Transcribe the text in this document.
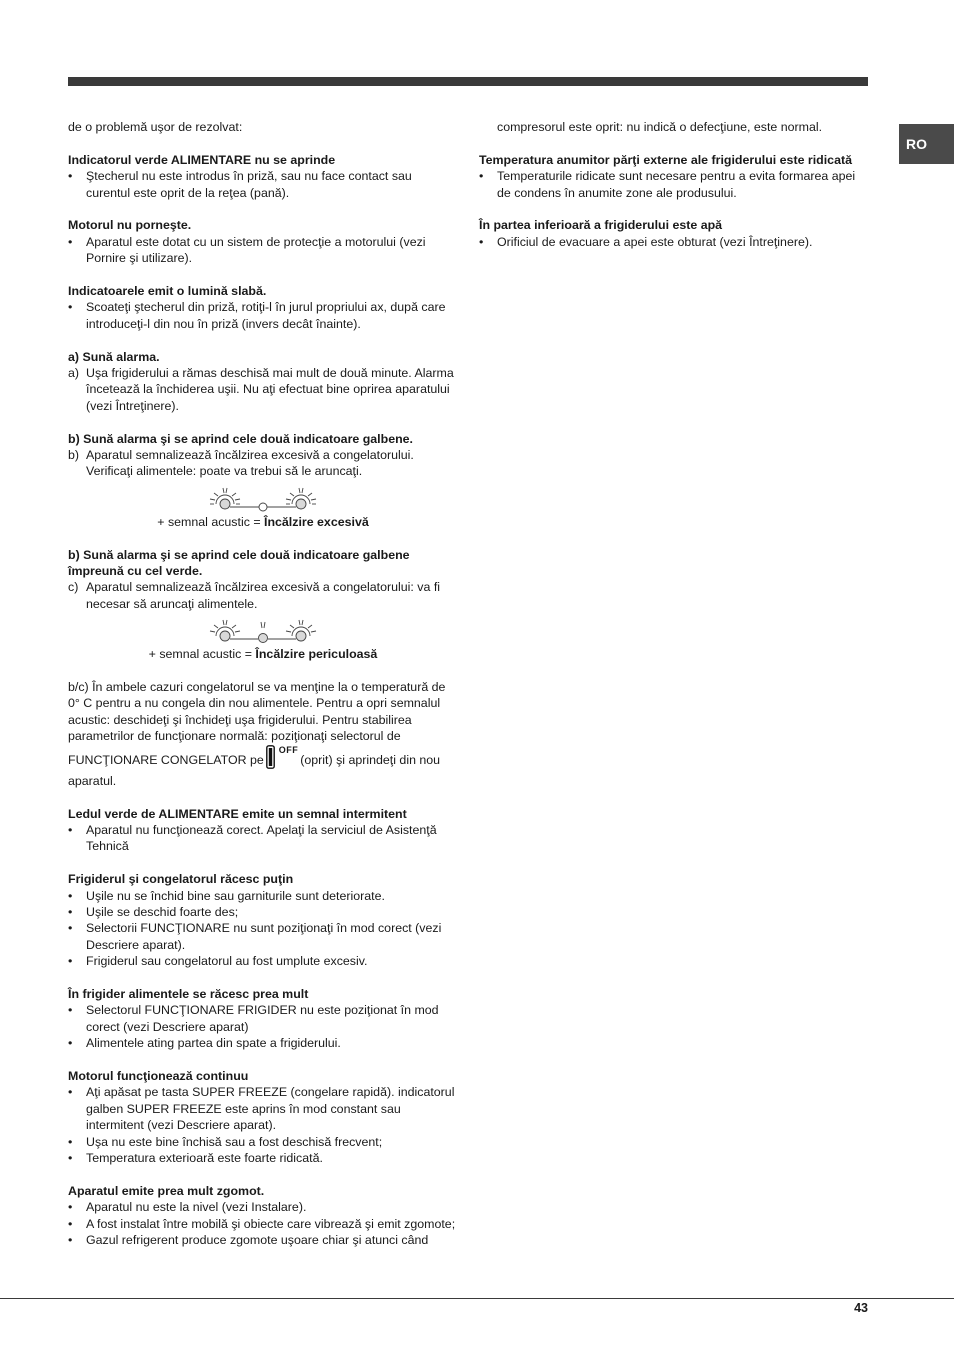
RO

de o problemă uşor de rezolvat:

Indicatorul verde ALIMENTARE nu se aprinde

• Ştecherul nu este introdus în priză, sau nu face contact sau curentul este oprit de la reţea (pană).

Motorul nu porneşte.

• Aparatul este dotat cu un sistem de protecţie a motorului (vezi Pornire şi utilizare).

Indicatoarele emit o lumină slabă.

• Scoateţi ştecherul din priză, rotiţi-l în jurul propriului ax, după care introduceţi-l din nou în priză (invers decât înainte).

a) Sună alarma.

a) Uşa frigiderului a rămas deschisă mai mult de două minute. Alarma încetează la închiderea uşii. Nu aţi efectuat bine oprirea aparatului (vezi Întreţinere).

b) Sună alarma şi se aprind cele două indicatoare galbene.

b) Aparatul semnalizează încălzirea excesivă a congelatorului. Verificaţi alimentele: poate va trebui să le aruncaţi.

+ semnal acustic = Încălzire excesivă

b) Sună alarma şi se aprind cele două indicatoare galbene împreună cu cel verde.

c) Aparatul semnalizează încălzirea excesivă a congelatorului: va fi necesar să aruncaţi alimentele.

+ semnal acustic = Încălzire periculoasă

b/c) În ambele cazuri congelatorul se va menţine la o temperatură de 0° C pentru a nu congela din nou alimentele. Pentru a opri semnalul acustic: deschideţi şi închideţi uşa frigiderului. Pentru stabilirea parametrilor de funcţionare normală: poziţionaţi selectorul de

FUNCŢIONARE CONGELATOR pe
OFF
(oprit) şi aprindeţi din nou

aparatul.

Ledul verde de ALIMENTARE emite un semnal intermitent

• Aparatul nu funcţionează corect. Apelaţi la serviciul de Asistenţă Tehnică

Frigiderul şi congelatorul răcesc puţin

• Uşile nu se închid bine sau garniturile sunt deteriorate.

• Uşile se deschid foarte des;

• Selectorii FUNCŢIONARE nu sunt poziţionaţi în mod corect (vezi Descriere aparat).

• Frigiderul sau congelatorul au fost umplute excesiv.

În frigider alimentele se răcesc prea mult

• Selectorul FUNCŢIONARE FRIGIDER nu este poziţionat în mod corect (vezi Descriere aparat)

• Alimentele ating partea din spate a frigiderului.

Motorul funcţionează continuu

• Aţi apăsat pe tasta SUPER FREEZE (congelare rapidă). indicatorul galben SUPER FREEZE este aprins în mod constant sau intermitent (vezi Descriere aparat).

• Uşa nu este bine închisă sau a fost deschisă frecvent;

• Temperatura exterioară este foarte ridicată.

Aparatul emite prea mult zgomot.

• Aparatul nu este la nivel (vezi Instalare).

• A fost instalat între mobilă şi obiecte care vibrează şi emit zgomote;

• Gazul refrigerent produce zgomote uşoare chiar şi atunci când

compresorul este oprit: nu indică o defecţiune, este normal.

Temperatura anumitor părţi externe ale frigiderului este ridicată

• Temperaturile ridicate sunt necesare pentru a evita formarea apei de condens în anumite zone ale produsului.

În partea inferioară a frigiderului este apă

• Orificiul de evacuare a apei este obturat (vezi Întreţinere).

43
